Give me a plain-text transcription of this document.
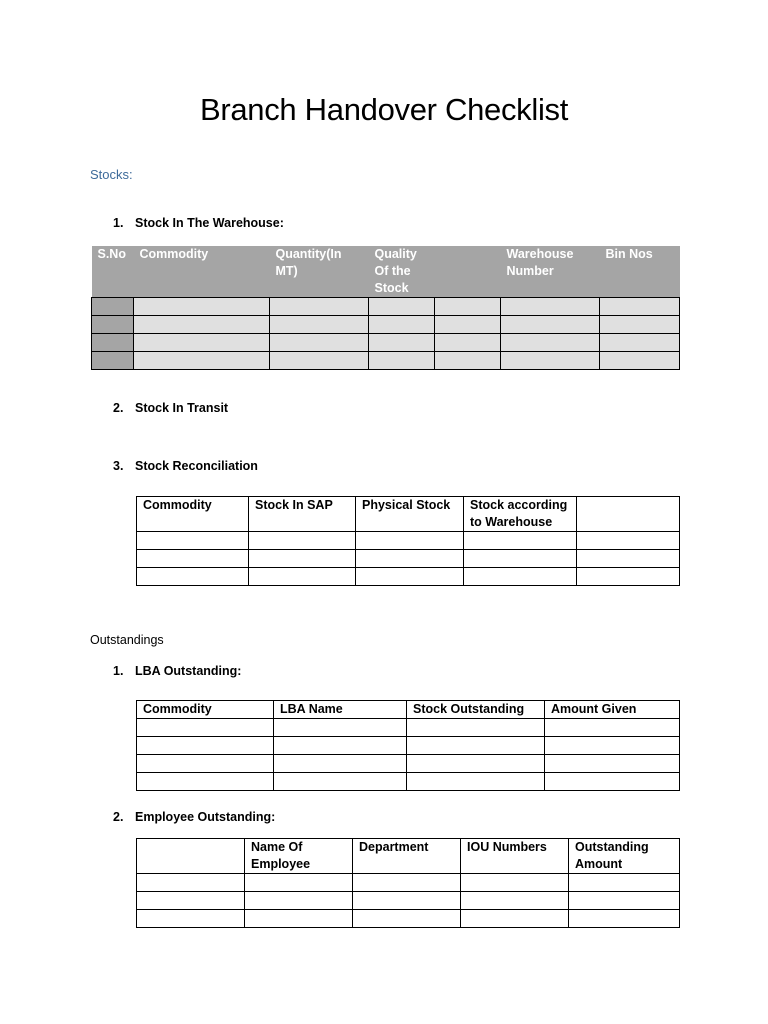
Branch Handover Checklist
Stocks:
1. Stock In The Warehouse:
S.No	Commodity	Quantity(In MT)	Quality Of the Stock		Warehouse Number	Bin Nos

2. Stock In Transit
3. Stock Reconciliation
Commodity	Stock In SAP	Physical Stock	Stock according to Warehouse	

Outstandings
1. LBA Outstanding:
Commodity	LBA Name	Stock Outstanding	Amount Given

2. Employee Outstanding:
	Name Of Employee	Department	IOU Numbers	Outstanding Amount
